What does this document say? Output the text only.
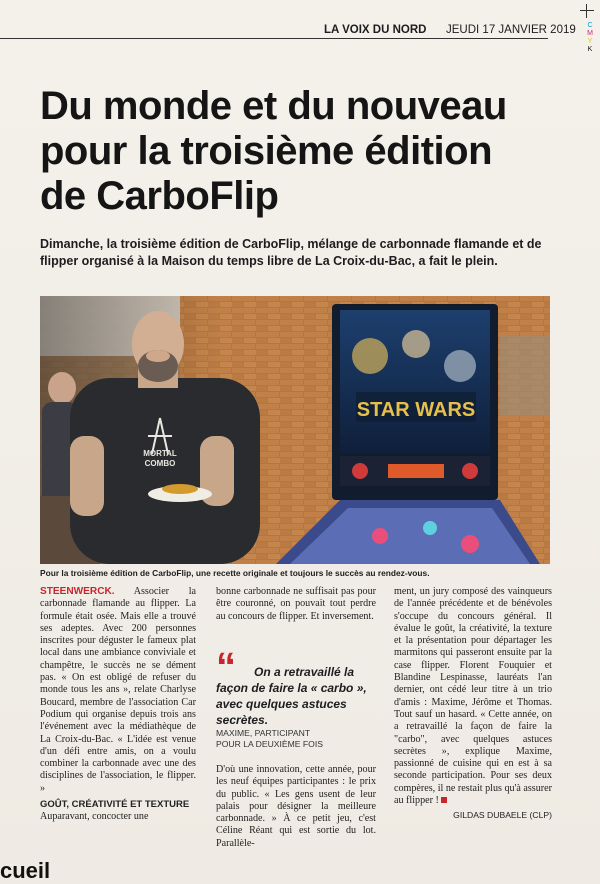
LA VOIX DU NORD JEUDI 17 JANVIER 2019 C
M
Y
K
Du monde et du nouveau
pour la troisième édition
de CarboFlip
Dimanche, la troisième édition de CarboFlip, mélange de carbonnade flamande et de flipper organisé à la Maison du temps libre de La Croix-du-Bac, a fait le plein.
MORTAL
COMBO
STAR WARS
Pour la troisième édition de CarboFlip, une recette originale et toujours le succès au rendez-vous.

STEENWERCK. Associer la carbonnade flamande au flipper. La formule était osée. Mais elle a trouvé ses adeptes. Avec 200 personnes inscrites pour déguster le fameux plat local dans une ambiance conviviale et champêtre, le succès ne se dément pas. « On est obligé de refuser du monde tous les ans », relate Charlyse Boucard, membre de l'association Car Podium qui organise depuis trois ans l'événement avec la médiathèque de La Croix-du-Bac. « L'idée est venue d'un défi entre amis, on a voulu combiner la carbonnade avec une des disciplines de l'association, le flipper. »

GOÛT, CRÉATIVITÉ ET TEXTURE

Auparavant, concocter une

bonne carbonnade ne suffisait pas pour être couronné, on pouvait tout perdre au concours de flipper. Et inversement.

“	On a retravaillé la façon de faire la « carbo », avec quelques astuces secrètes.
MAXIME, PARTICIPANT
POUR LA DEUXIÈME FOIS
D'où une innovation, cette année, pour les neuf équipes participantes : le prix du public. « Les gens usent de leur palais pour désigner la meilleure carbonnade. » À ce petit jeu, c'est Céline Réant qui est sortie du lot. Parallèle-

ment, un jury composé des vainqueurs de l'année précédente et de bénévoles s'occupe du concours général. Il évalue le goût, la créativité, la texture et la présentation pour départager les marmitons qui passeront ensuite par la case flipper. Florent Fouquier et Blandine Lespinasse, lauréats l'an dernier, ont cédé leur titre à un trio d'amis : Maxime, Jérôme et Thomas. Tout sauf un hasard. « Cette année, on a retravaillé la façon de faire la "carbo", avec quelques astuces secrètes », explique Maxime, passionné de cuisine qui en est à sa seconde participation. Pour ses deux compères, il ne restait plus qu'à assurer au flipper !

GILDAS DUBAELE (CLP)
cueil
